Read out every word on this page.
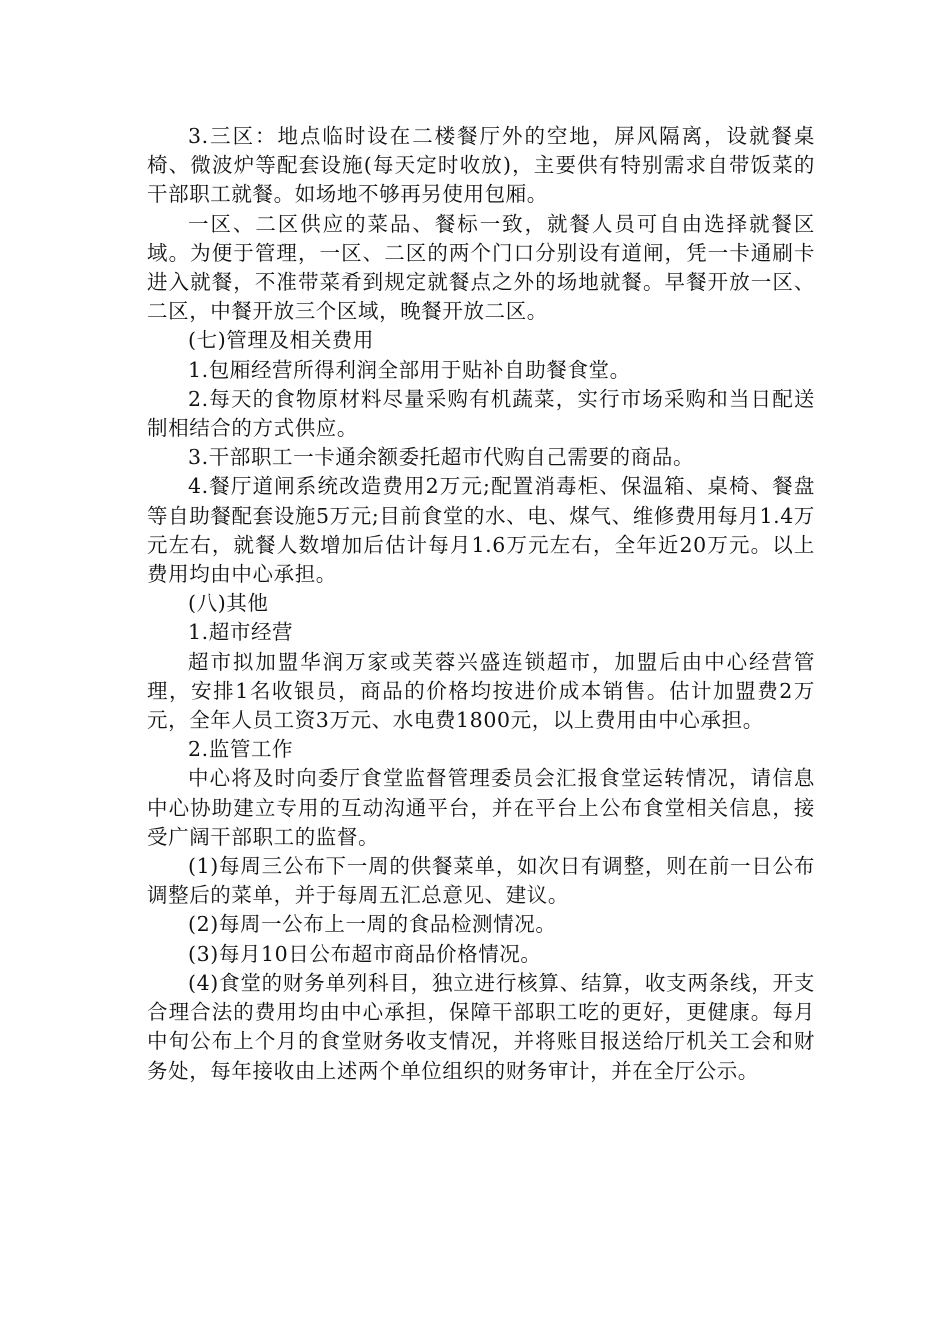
3.三区：地点临时设在二楼餐厅外的空地，屏风隔离，设就餐桌椅、微波炉等配套设施(每天定时收放)，主要供有特别需求自带饭菜的干部职工就餐。如场地不够再另使用包厢。

一区、二区供应的菜品、餐标一致，就餐人员可自由选择就餐区域。为便于管理，一区、二区的两个门口分别设有道闸，凭一卡通刷卡进入就餐，不准带菜肴到规定就餐点之外的场地就餐。早餐开放一区、二区，中餐开放三个区域，晚餐开放二区。

(七)管理及相关费用

1.包厢经营所得利润全部用于贴补自助餐食堂。

2.每天的食物原材料尽量采购有机蔬菜，实行市场采购和当日配送制相结合的方式供应。

3.干部职工一卡通余额委托超市代购自己需要的商品。

4.餐厅道闸系统改造费用2万元;配置消毒柜、保温箱、桌椅、餐盘等自助餐配套设施5万元;目前食堂的水、电、煤气、维修费用每月1.4万元左右，就餐人数增加后估计每月1.6万元左右，全年近20万元。以上费用均由中心承担。

(八)其他

1.超市经营

超市拟加盟华润万家或芙蓉兴盛连锁超市，加盟后由中心经营管理，安排1名收银员，商品的价格均按进价成本销售。估计加盟费2万元，全年人员工资3万元、水电费1800元，以上费用由中心承担。

2.监管工作

中心将及时向委厅食堂监督管理委员会汇报食堂运转情况，请信息中心协助建立专用的互动沟通平台，并在平台上公布食堂相关信息，接受广阔干部职工的监督。

(1)每周三公布下一周的供餐菜单，如次日有调整，则在前一日公布调整后的菜单，并于每周五汇总意见、建议。

(2)每周一公布上一周的食品检测情况。

(3)每月10日公布超市商品价格情况。

(4)食堂的财务单列科目，独立进行核算、结算，收支两条线，开支合理合法的费用均由中心承担，保障干部职工吃的更好，更健康。每月中旬公布上个月的食堂财务收支情况，并将账目报送给厅机关工会和财务处，每年接收由上述两个单位组织的财务审计，并在全厅公示。
